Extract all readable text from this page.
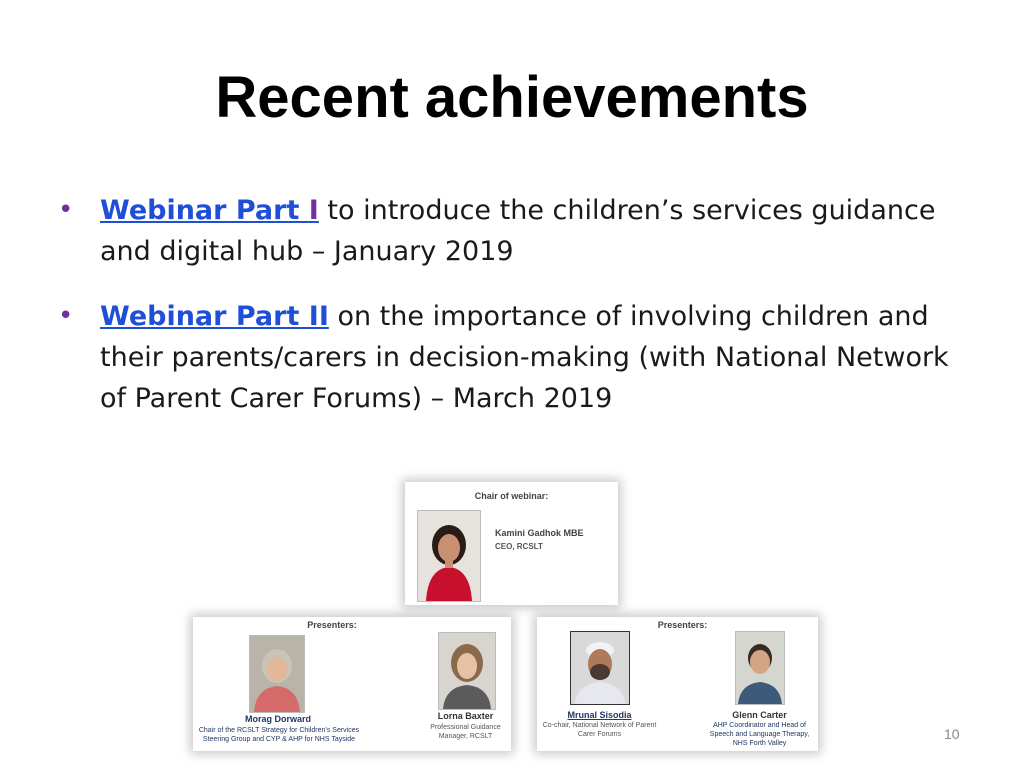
Recent achievements
• Webinar Part I to introduce the children’s services guidance and digital hub – January 2019
• Webinar Part II on the importance of involving children and their parents/carers in decision-making (with National Network of Parent Carer Forums) – March 2019
Chair of webinar:
Kamini Gadhok MBE
CEO, RCSLT
Presenters:
Morag Dorward
Chair of the RCSLT Strategy for Children’s Services Steering Group and CYP & AHP for NHS Tayside
Lorna Baxter
Professional Guidance Manager, RCSLT
Presenters:
Mrunal Sisodia
Co-chair, National Network of Parent Carer Forums
Glenn Carter
AHP Coordinator and Head of Speech and Language Therapy, NHS Forth Valley
10
